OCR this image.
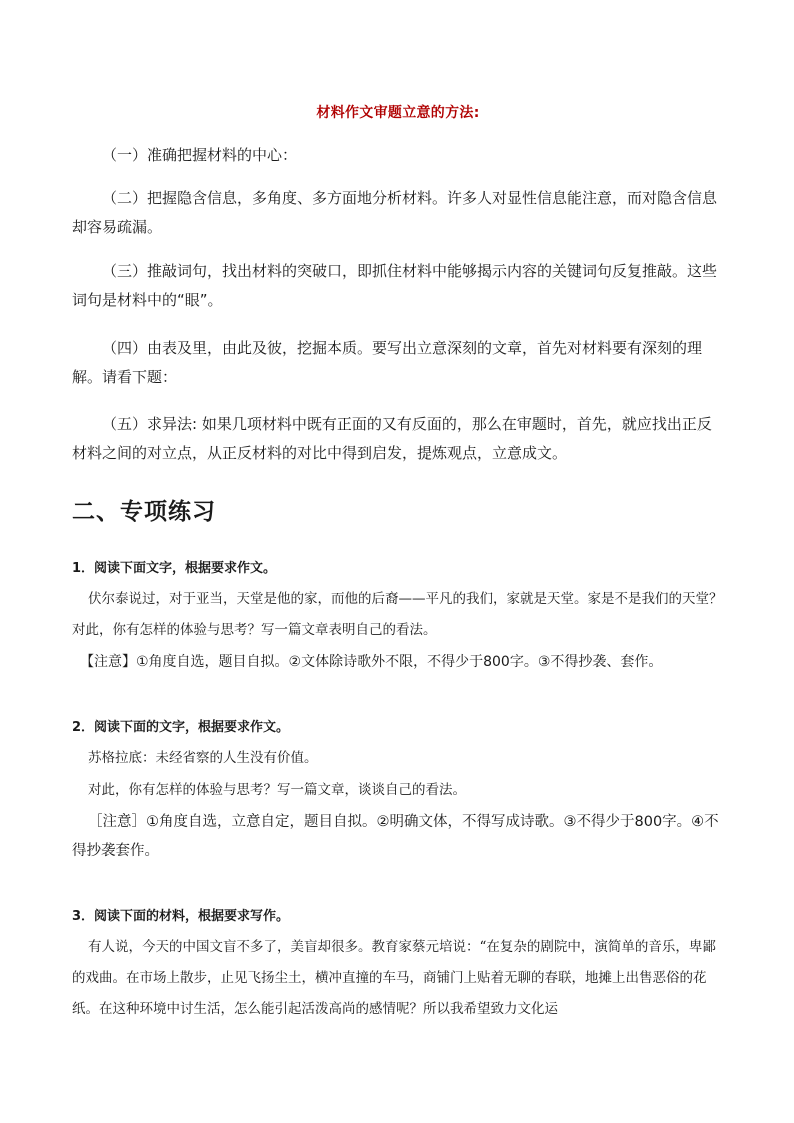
材料作文审题立意的方法:

（一）准确把握材料的中心：

（二）把握隐含信息，多角度、多方面地分析材料。许多人对显性信息能注意，而对隐含信息却容易疏漏。

（三）推敲词句，找出材料的突破口，即抓住材料中能够揭示内容的关键词句反复推敲。这些词句是材料中的“眼”。

（四）由表及里，由此及彼，挖掘本质。要写出立意深刻的文章，首先对材料要有深刻的理解。请看下题：

（五）求异法: 如果几项材料中既有正面的又有反面的，那么在审题时，首先，就应找出正反材料之间的对立点，从正反材料的对比中得到启发，提炼观点，立意成文。

二、专项练习

1．阅读下面文字，根据要求作文。

伏尔泰说过，对于亚当，天堂是他的家，而他的后裔——平凡的我们，家就是天堂。家是不是我们的天堂？对此，你有怎样的体验与思考？写一篇文章表明自己的看法。

【注意】①角度自选，题目自拟。②文体除诗歌外不限，不得少于800字。③不得抄袭、套作。

2．阅读下面的文字，根据要求作文。

苏格拉底：未经省察的人生没有价值。

对此，你有怎样的体验与思考？写一篇文章，谈谈自己的看法。

［注意］①角度自选，立意自定，题目自拟。②明确文体，不得写成诗歌。③不得少于800字。④不得抄袭套作。

3．阅读下面的材料，根据要求写作。

有人说，今天的中国文盲不多了，美盲却很多。教育家蔡元培说：“在复杂的剧院中，演简单的音乐，卑鄙的戏曲。在市场上散步，止见飞扬尘土，横冲直撞的车马，商铺门上贴着无聊的春联，地摊上出售恶俗的花纸。在这种环境中讨生活，怎么能引起活泼高尚的感情呢？所以我希望致力文化运
